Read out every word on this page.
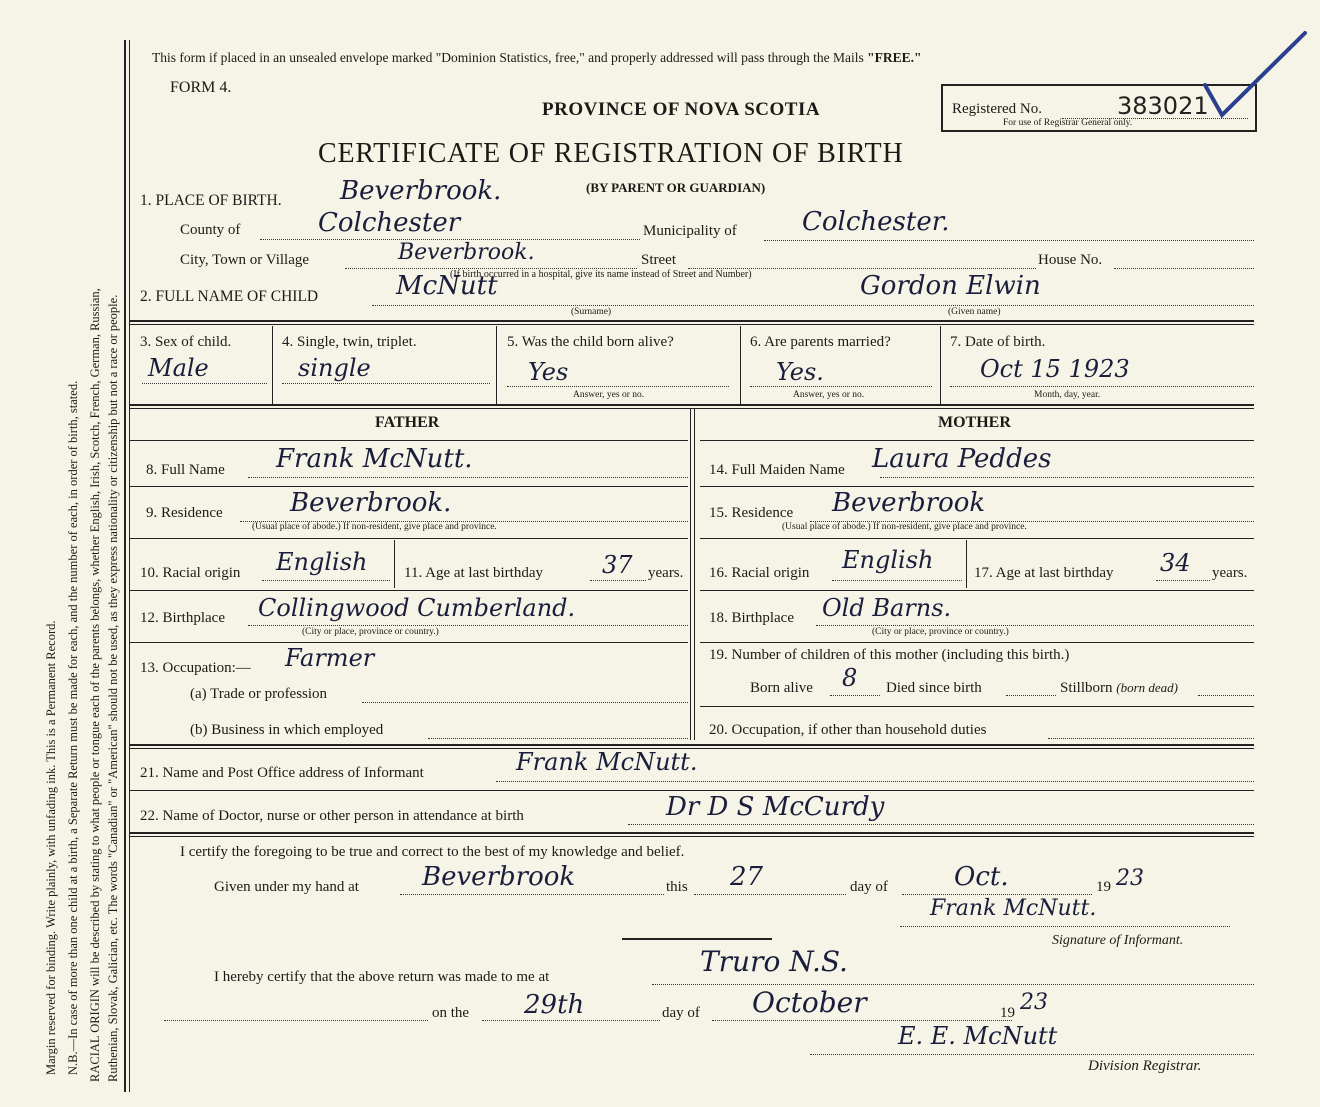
Margin reserved for binding. Write plainly, with unfading ink. This is a Permanent Record. N.B.—In case of more than one child at a birth, a Separate Return must be made for each, and the number of each, in order of birth, stated. RACIAL ORIGIN will be described by stating to what people or tongue each of the parents belongs, whether English, Irish, Scotch, French, German, Russian, Ruthenian, Slovak, Galician, etc. The words "Canadian" or "American" should not be used, as they express nationality or citizenship but not a race or people.
This form if placed in an unsealed envelope marked "Dominion Statistics, free," and properly addressed will pass through the Mails "FREE."
FORM 4.
PROVINCE OF NOVA SCOTIA	Registered No.	383021
For use of Registrar General only.
CERTIFICATE OF REGISTRATION OF BIRTH
(BY PARENT OR GUARDIAN)
1. PLACE OF BIRTH. Beverbrook.
County of	Colchester	Municipality of	Colchester.
City, Town or Village	Beverbrook.	Street	House No.
(If birth occurred in a hospital, give its name instead of Street and Number)
2. FULL NAME OF CHILD	McNutt	Gordon Elwin
(Surname)	(Given name)
3. Sex of child.
Male
4. Single, twin, triplet.
single
5. Was the child born alive?
Yes
Answer, yes or no.
6. Are parents married?
Yes.
Answer, yes or no.
7. Date of birth.
Oct 15 1923
Month, day, year.
FATHER
8. Full Name Frank McNutt.
9. Residence	Beverbrook.
(Usual place of abode.) If non-resident, give place and province.
10. Racial origin English 11. Age at last birthday 37 years.
12. Birthplace Collingwood Cumberland.
(City or place, province or country.)
13. Occupation:— Farmer
(a) Trade or profession
(b) Business in which employed
MOTHER
14. Full Maiden Name Laura Peddes
15. Residence Beverbrook
(Usual place of abode.) If non-resident, give place and province.
16. Racial origin English	17. Age at last birthday 34 years.
18. Birthplace Old Barns.
(City or place, province or country.)
19. Number of children of this mother (including this birth.)
Born alive 8 Died since birth	Stillborn (born dead)
20. Occupation, if other than household duties
21. Name and Post Office address of Informant	Frank McNutt.
22. Name of Doctor, nurse or other person in attendance at birth	Dr D S McCurdy
I certify the foregoing to be true and correct to the best of my knowledge and belief.
Given under my hand at Beverbrook	this 27	day of	Oct.	19 23
Frank McNutt.
Signature of Informant.
I hereby certify that the above return was made to me at	Truro N.S.
on the 29th	day of October	19 23
E. E. McNutt
Division Registrar.
